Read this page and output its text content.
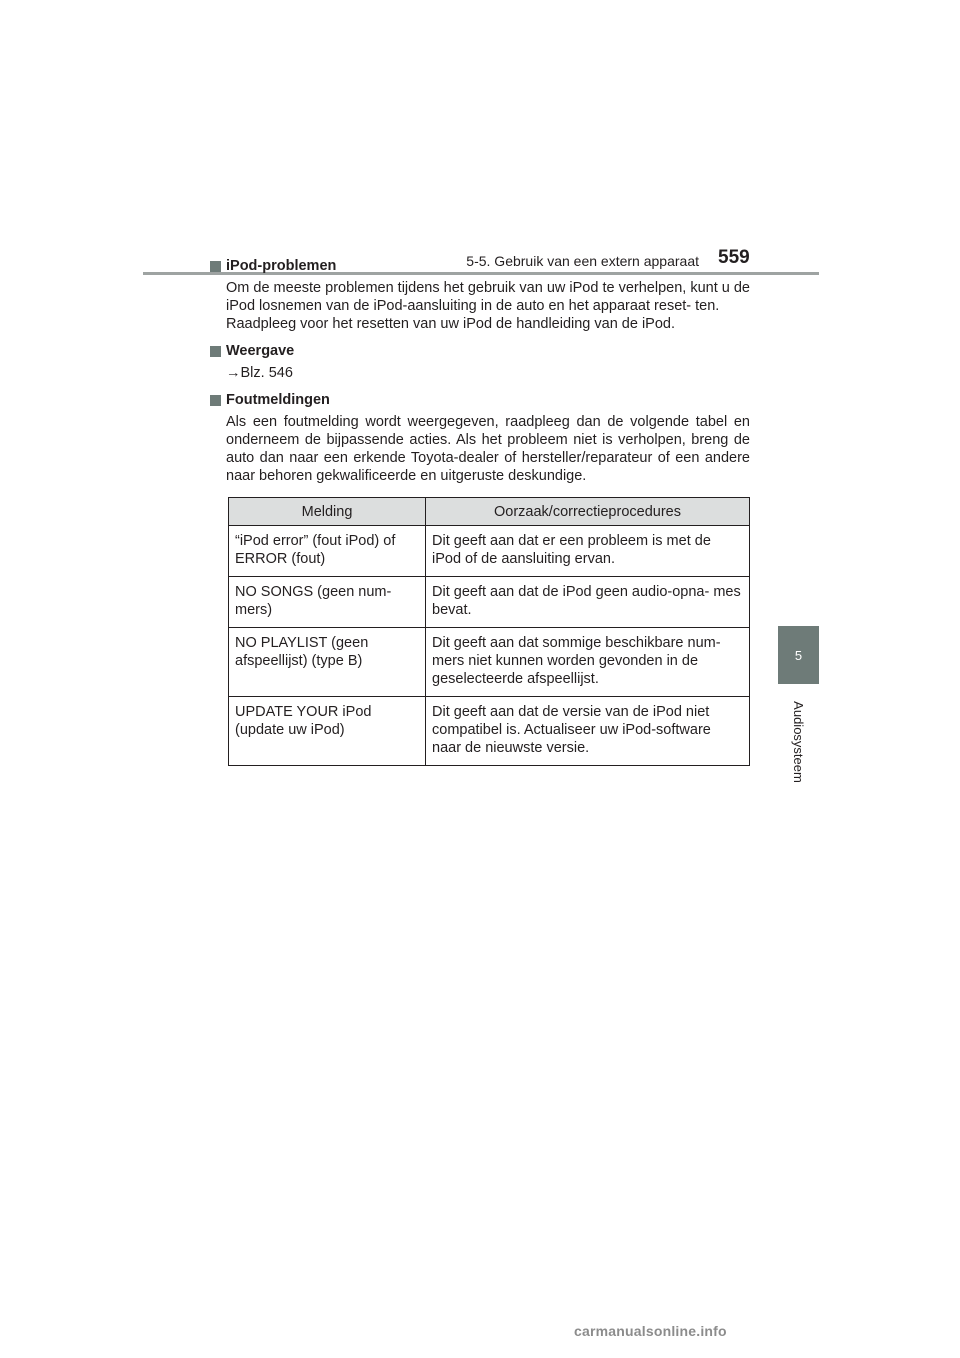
5-5. Gebruik van een extern apparaat 559
5
Audiosysteem
iPod-problemen
Om de meeste problemen tijdens het gebruik van uw iPod te verhelpen, kunt u de iPod losnemen van de iPod-aansluiting in de auto en het apparaat reset- ten.
Raadpleeg voor het resetten van uw iPod de handleiding van de iPod.
Weergave
→Blz. 546
Foutmeldingen
Als een foutmelding wordt weergegeven, raadpleeg dan de volgende tabel en onderneem de bijpassende acties. Als het probleem niet is verholpen, breng de auto dan naar een erkende Toyota-dealer of hersteller/reparateur of een andere naar behoren gekwalificeerde en uitgeruste deskundige.
Melding	Oorzaak/correctieprocedures
“iPod error” (fout iPod) of ERROR (fout)	Dit geeft aan dat er een probleem is met de iPod of de aansluiting ervan.
NO SONGS (geen num- mers)	Dit geeft aan dat de iPod geen audio-opna- mes bevat.
NO PLAYLIST (geen afspeellijst) (type B)	Dit geeft aan dat sommige beschikbare num- mers niet kunnen worden gevonden in de geselecteerde afspeellijst.
UPDATE YOUR iPod (update uw iPod)	Dit geeft aan dat de versie van de iPod niet compatibel is. Actualiseer uw iPod-software naar de nieuwste versie.
carmanualsonline.info
